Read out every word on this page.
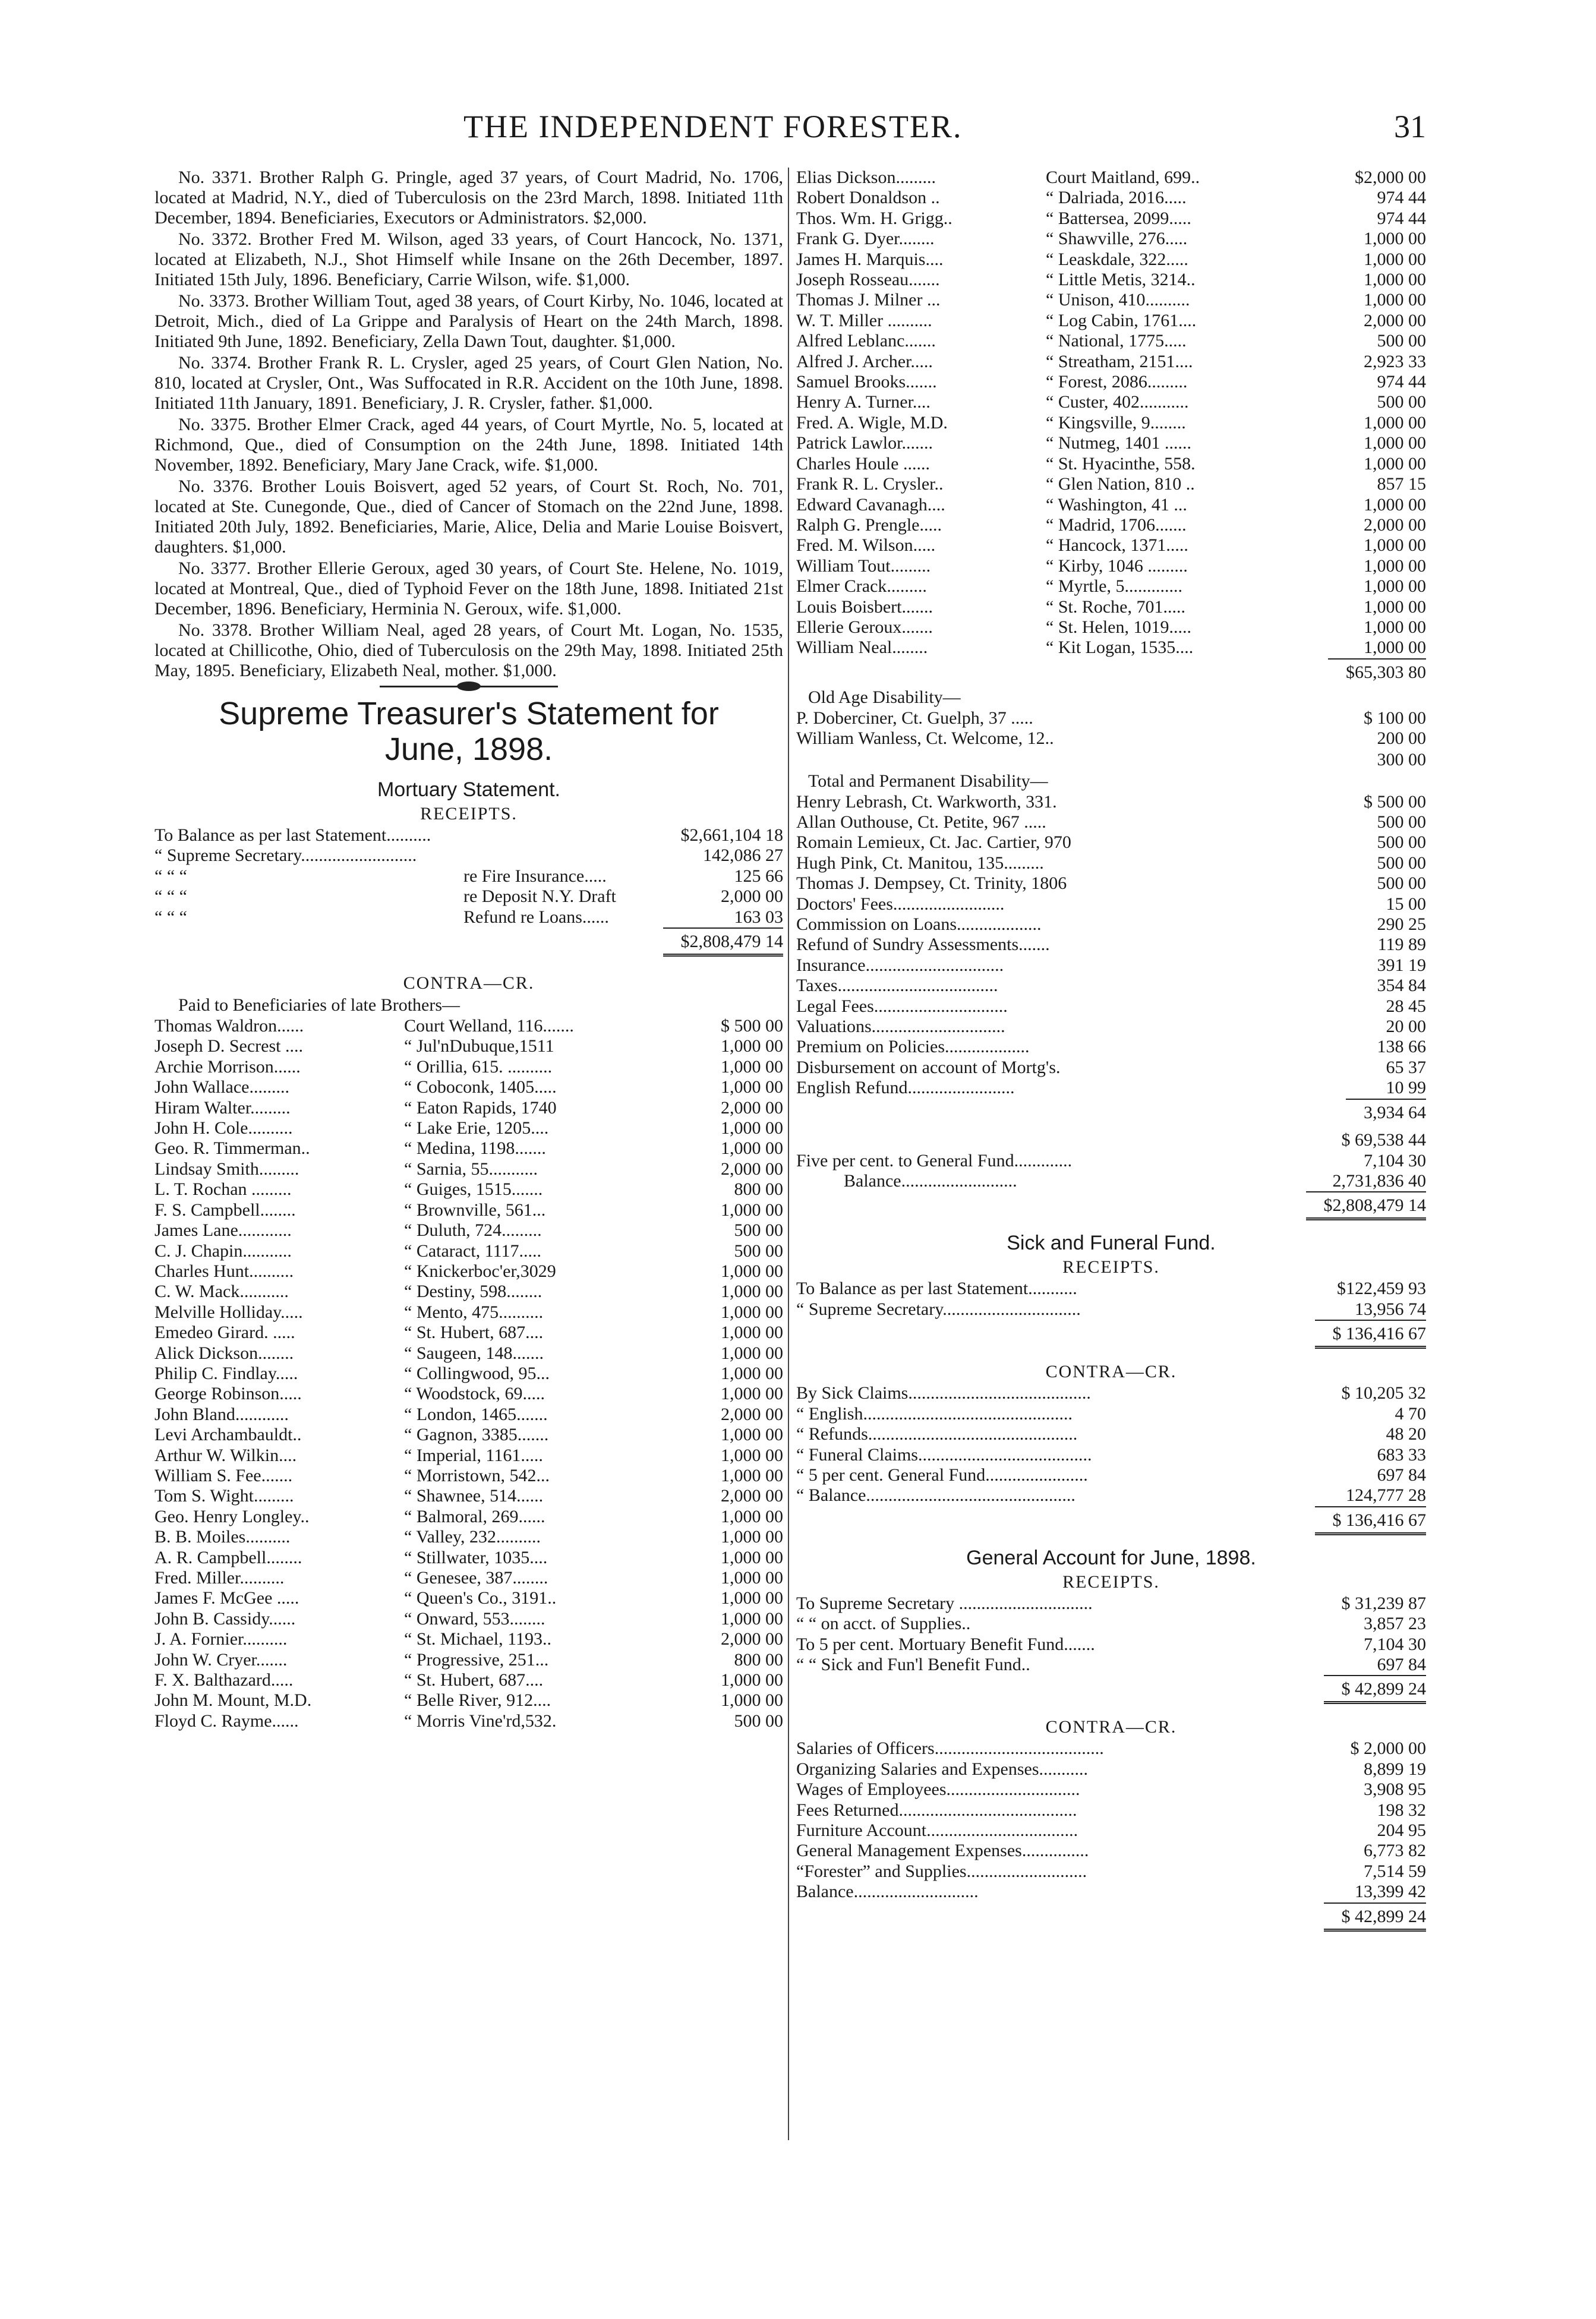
THE INDEPENDENT FORESTER.	31

No. 3371. Brother Ralph G. Pringle, aged 37 years, of Court Madrid, No. 1706, located at Madrid, N.Y., died of Tuberculosis on the 23rd March, 1898. Initiated 11th December, 1894. Beneficiaries, Executors or Administrators. $2,000.

No. 3372. Brother Fred M. Wilson, aged 33 years, of Court Hancock, No. 1371, located at Elizabeth, N.J., Shot Himself while Insane on the 26th December, 1897. Initiated 15th July, 1896. Beneficiary, Carrie Wilson, wife. $1,000.

No. 3373. Brother William Tout, aged 38 years, of Court Kirby, No. 1046, located at Detroit, Mich., died of La Grippe and Paralysis of Heart on the 24th March, 1898. Initiated 9th June, 1892. Beneficiary, Zella Dawn Tout, daughter. $1,000.

No. 3374. Brother Frank R. L. Crysler, aged 25 years, of Court Glen Nation, No. 810, located at Crysler, Ont., Was Suffocated in R.R. Accident on the 10th June, 1898. Initiated 11th January, 1891. Beneficiary, J. R. Crysler, father. $1,000.

No. 3375. Brother Elmer Crack, aged 44 years, of Court Myrtle, No. 5, located at Richmond, Que., died of Consumption on the 24th June, 1898. Initiated 14th November, 1892. Beneficiary, Mary Jane Crack, wife. $1,000.

No. 3376. Brother Louis Boisvert, aged 52 years, of Court St. Roch, No. 701, located at Ste. Cunegonde, Que., died of Cancer of Stomach on the 22nd June, 1898. Initiated 20th July, 1892. Beneficiaries, Marie, Alice, Delia and Marie Louise Boisvert, daughters. $1,000.

No. 3377. Brother Ellerie Geroux, aged 30 years, of Court Ste. Helene, No. 1019, located at Montreal, Que., died of Typhoid Fever on the 18th June, 1898. Initiated 21st December, 1896. Beneficiary, Herminia N. Geroux, wife. $1,000.

No. 3378. Brother William Neal, aged 28 years, of Court Mt. Logan, No. 1535, located at Chillicothe, Ohio, died of Tuberculosis on the 29th May, 1898. Initiated 25th May, 1895. Beneficiary, Elizabeth Neal, mother. $1,000.

Supreme Treasurer's Statement for
June, 1898.
Mortuary Statement.
RECEIPTS.
To Balance as per last Statement..........	$2,661,104 18
“ Supreme Secretary..........................	142,086 27
“ “ “	re Fire Insurance.....	125 66
“ “ “	re Deposit N.Y. Draft	2,000 00
“ “ “	Refund re Loans......	163 03
$2,808,479 14
CONTRA—CR.
Paid to Beneficiaries of late Brothers—
Thomas Waldron......	Court Welland, 116.......	$ 500 00
Joseph D. Secrest ....	“ Jul'nDubuque,1511	1,000 00
Archie Morrison......	“ Orillia, 615. ..........	1,000 00
John Wallace.........	“ Coboconk, 1405.....	1,000 00
Hiram Walter.........	“ Eaton Rapids, 1740	2,000 00
John H. Cole..........	“ Lake Erie, 1205....	1,000 00
Geo. R. Timmerman..	“ Medina, 1198.......	1,000 00
Lindsay Smith.........	“ Sarnia, 55...........	2,000 00
L. T. Rochan .........	“ Guiges, 1515.......	800 00
F. S. Campbell........	“ Brownville, 561...	1,000 00
James Lane............	“ Duluth, 724.........	500 00
C. J. Chapin...........	“ Cataract, 1117.....	500 00
Charles Hunt..........	“ Knickerboc'er,3029	1,000 00
C. W. Mack...........	“ Destiny, 598........	1,000 00
Melville Holliday.....	“ Mento, 475..........	1,000 00
Emedeo Girard. .....	“ St. Hubert, 687....	1,000 00
Alick Dickson........	“ Saugeen, 148.......	1,000 00
Philip C. Findlay.....	“ Collingwood, 95...	1,000 00
George Robinson.....	“ Woodstock, 69.....	1,000 00
John Bland............	“ London, 1465.......	2,000 00
Levi Archambauldt..	“ Gagnon, 3385.......	1,000 00
Arthur W. Wilkin....	“ Imperial, 1161.....	1,000 00
William S. Fee.......	“ Morristown, 542...	1,000 00
Tom S. Wight.........	“ Shawnee, 514......	2,000 00
Geo. Henry Longley..	“ Balmoral, 269......	1,000 00
B. B. Moiles..........	“ Valley, 232..........	1,000 00
A. R. Campbell........	“ Stillwater, 1035....	1,000 00
Fred. Miller..........	“ Genesee, 387........	1,000 00
James F. McGee .....	“ Queen's Co., 3191..	1,000 00
John B. Cassidy......	“ Onward, 553........	1,000 00
J. A. Fornier..........	“ St. Michael, 1193..	2,000 00
John W. Cryer.......	“ Progressive, 251...	800 00
F. X. Balthazard.....	“ St. Hubert, 687....	1,000 00
John M. Mount, M.D.	“ Belle River, 912....	1,000 00
Floyd C. Rayme......	“ Morris Vine'rd,532.	500 00
Elias Dickson.........	Court Maitland, 699..	$2,000 00
Robert Donaldson ..	“ Dalriada, 2016.....	974 44
Thos. Wm. H. Grigg..	“ Battersea, 2099.....	974 44
Frank G. Dyer........	“ Shawville, 276.....	1,000 00
James H. Marquis....	“ Leaskdale, 322.....	1,000 00
Joseph Rosseau.......	“ Little Metis, 3214..	1,000 00
Thomas J. Milner ...	“ Unison, 410..........	1,000 00
W. T. Miller ..........	“ Log Cabin, 1761....	2,000 00
Alfred Leblanc.......	“ National, 1775.....	500 00
Alfred J. Archer.....	“ Streatham, 2151....	2,923 33
Samuel Brooks.......	“ Forest, 2086.........	974 44
Henry A. Turner....	“ Custer, 402...........	500 00
Fred. A. Wigle, M.D.	“ Kingsville, 9........	1,000 00
Patrick Lawlor.......	“ Nutmeg, 1401 ......	1,000 00
Charles Houle ......	“ St. Hyacinthe, 558.	1,000 00
Frank R. L. Crysler..	“ Glen Nation, 810 ..	857 15
Edward Cavanagh....	“ Washington, 41 ...	1,000 00
Ralph G. Prengle.....	“ Madrid, 1706.......	2,000 00
Fred. M. Wilson.....	“ Hancock, 1371.....	1,000 00
William Tout.........	“ Kirby, 1046 .........	1,000 00
Elmer Crack.........	“ Myrtle, 5.............	1,000 00
Louis Boisbert.......	“ St. Roche, 701.....	1,000 00
Ellerie Geroux.......	“ St. Helen, 1019.....	1,000 00
William Neal........	“ Kit Logan, 1535....	1,000 00
$65,303 80
Old Age Disability—
P. Doberciner, Ct. Guelph, 37 .....	$ 100 00
William Wanless, Ct. Welcome, 12..	200 00
300 00
Total and Permanent Disability—
Henry Lebrash, Ct. Warkworth, 331.	$ 500 00
Allan Outhouse, Ct. Petite, 967 .....	500 00
Romain Lemieux, Ct. Jac. Cartier, 970	500 00
Hugh Pink, Ct. Manitou, 135.........	500 00
Thomas J. Dempsey, Ct. Trinity, 1806	500 00
Doctors' Fees.........................	15 00
Commission on Loans...................	290 25
Refund of Sundry Assessments.......	119 89
Insurance...............................	391 19
Taxes....................................	354 84
Legal Fees..............................	28 45
Valuations..............................	20 00
Premium on Policies...................	138 66
Disbursement on account of Mortg's.	65 37
English Refund........................	10 99
3,934 64
$ 69,538 44
Five per cent. to General Fund.............	7,104 30
Balance..........................	2,731,836 40
$2,808,479 14
Sick and Funeral Fund.
RECEIPTS.
To Balance as per last Statement...........	$122,459 93
“ Supreme Secretary...............................	13,956 74
$ 136,416 67
CONTRA—CR.
By Sick Claims.........................................	$ 10,205 32
“ English...............................................	4 70
“ Refunds...............................................	48 20
“ Funeral Claims.......................................	683 33
“ 5 per cent. General Fund.......................	697 84
“ Balance...............................................	124,777 28
$ 136,416 67
General Account for June, 1898.
RECEIPTS.
To Supreme Secretary ..............................	$ 31,239 87
“ “ on acct. of Supplies..	3,857 23
To 5 per cent. Mortuary Benefit Fund.......	7,104 30
“ “ Sick and Fun'l Benefit Fund..	697 84
$ 42,899 24
CONTRA—CR.
Salaries of Officers......................................	$ 2,000 00
Organizing Salaries and Expenses...........	8,899 19
Wages of Employees..............................	3,908 95
Fees Returned........................................	198 32
Furniture Account..................................	204 95
General Management Expenses...............	6,773 82
“Forester” and Supplies...........................	7,514 59
Balance............................	13,399 42
$ 42,899 24
